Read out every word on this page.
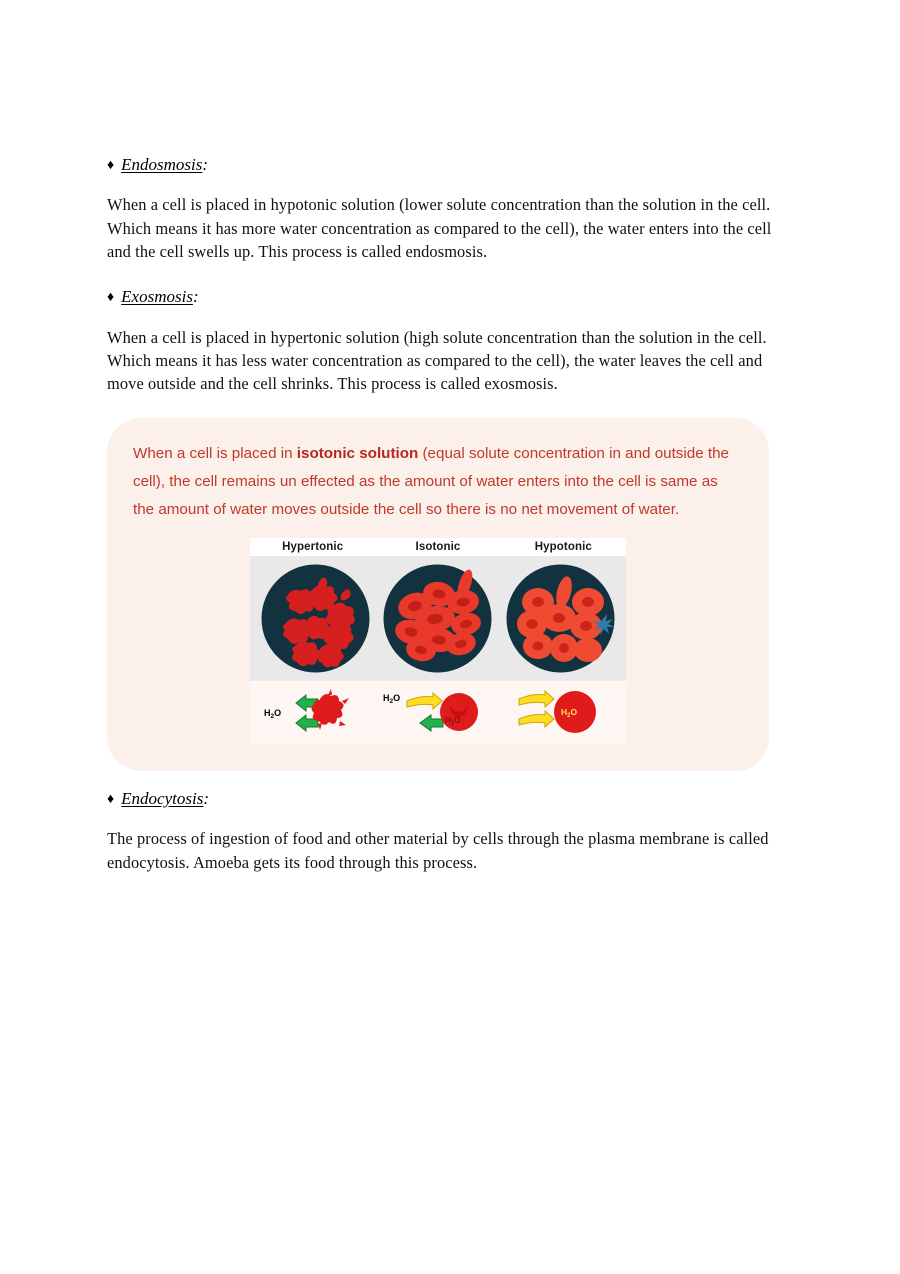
♦ Endosmosis:

When a cell is placed in hypotonic solution (lower solute concentration than the solution in the cell. Which means it has more water concentration as compared to the cell), the water enters into the cell and the cell swells up. This process is called endosmosis.

♦ Exosmosis:

When a cell is placed in hypertonic solution (high solute concentration than the solution in the cell. Which means it has less water concentration as compared to the cell), the water leaves the cell and move outside and the cell shrinks. This process is called exosmosis.

When a cell is placed in isotonic solution (equal solute concentration in and outside the cell), the cell remains un effected as the amount of water enters into the cell is same as the amount of water moves outside the cell so there is no net movement of water.

Hypertonic	Isotonic	Hypotonic
$H_2O$
$H_2O$
$H_2O$
$H_2O$
♦ Endocytosis:

The process of ingestion of food and other material by cells through the plasma membrane is called endocytosis. Amoeba gets its food through this process.
